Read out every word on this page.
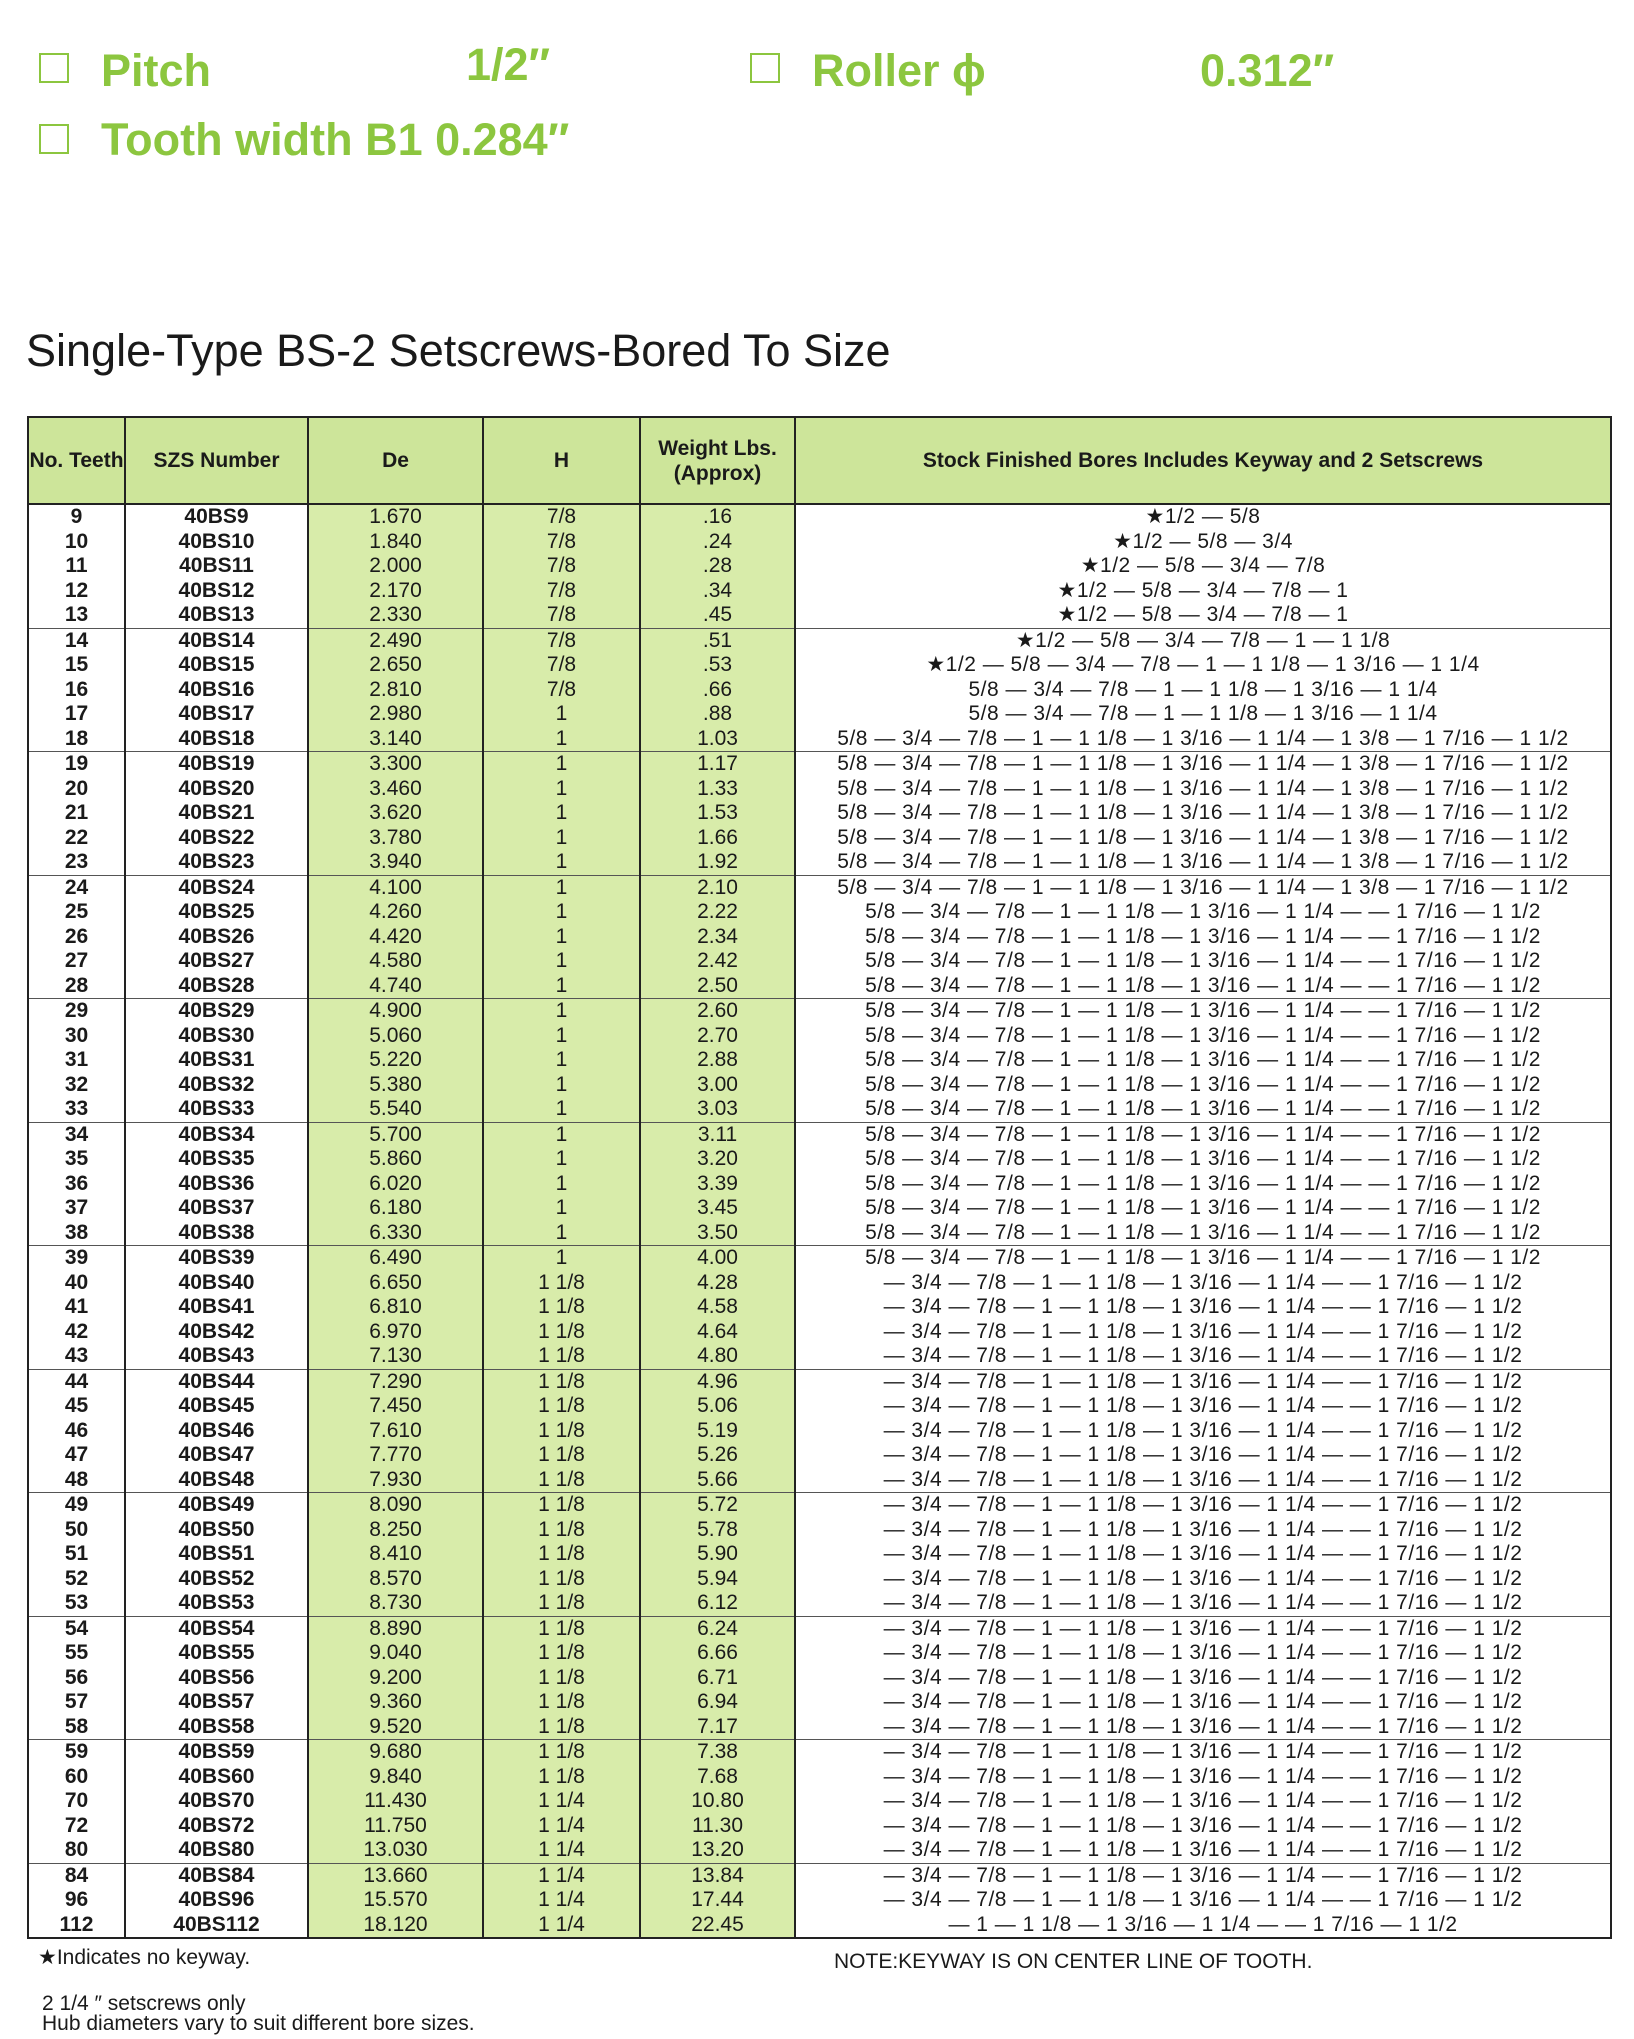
Pitch	1/2″	Roller ϕ	0.312″
Tooth width B1 0.284″
Single-Type BS-2 Setscrews-Bored To Size
No. Teeth	SZS Number	De	H	Weight Lbs. (Approx)	Stock Finished Bores Includes Keyway and 2 Setscrews
9	40BS9	1.670	7/8	.16	★1/2 — 5/8
10	40BS10	1.840	7/8	.24	★1/2 — 5/8 — 3/4
11	40BS11	2.000	7/8	.28	★1/2 — 5/8 — 3/4 — 7/8
12	40BS12	2.170	7/8	.34	★1/2 — 5/8 — 3/4 — 7/8 — 1
13	40BS13	2.330	7/8	.45	★1/2 — 5/8 — 3/4 — 7/8 — 1
14	40BS14	2.490	7/8	.51	★1/2 — 5/8 — 3/4 — 7/8 — 1 — 1 1/8
15	40BS15	2.650	7/8	.53	★1/2 — 5/8 — 3/4 — 7/8 — 1 — 1 1/8 — 1 3/16 — 1 1/4
16	40BS16	2.810	7/8	.66	5/8 — 3/4 — 7/8 — 1 — 1 1/8 — 1 3/16 — 1 1/4
17	40BS17	2.980	1	.88	5/8 — 3/4 — 7/8 — 1 — 1 1/8 — 1 3/16 — 1 1/4
18	40BS18	3.140	1	1.03	5/8 — 3/4 — 7/8 — 1 — 1 1/8 — 1 3/16 — 1 1/4 — 1 3/8 — 1 7/16 — 1 1/2
19	40BS19	3.300	1	1.17	5/8 — 3/4 — 7/8 — 1 — 1 1/8 — 1 3/16 — 1 1/4 — 1 3/8 — 1 7/16 — 1 1/2
20	40BS20	3.460	1	1.33	5/8 — 3/4 — 7/8 — 1 — 1 1/8 — 1 3/16 — 1 1/4 — 1 3/8 — 1 7/16 — 1 1/2
21	40BS21	3.620	1	1.53	5/8 — 3/4 — 7/8 — 1 — 1 1/8 — 1 3/16 — 1 1/4 — 1 3/8 — 1 7/16 — 1 1/2
22	40BS22	3.780	1	1.66	5/8 — 3/4 — 7/8 — 1 — 1 1/8 — 1 3/16 — 1 1/4 — 1 3/8 — 1 7/16 — 1 1/2
23	40BS23	3.940	1	1.92	5/8 — 3/4 — 7/8 — 1 — 1 1/8 — 1 3/16 — 1 1/4 — 1 3/8 — 1 7/16 — 1 1/2
24	40BS24	4.100	1	2.10	5/8 — 3/4 — 7/8 — 1 — 1 1/8 — 1 3/16 — 1 1/4 — 1 3/8 — 1 7/16 — 1 1/2
25	40BS25	4.260	1	2.22	5/8 — 3/4 — 7/8 — 1 — 1 1/8 — 1 3/16 — 1 1/4 — — 1 7/16 — 1 1/2
26	40BS26	4.420	1	2.34	5/8 — 3/4 — 7/8 — 1 — 1 1/8 — 1 3/16 — 1 1/4 — — 1 7/16 — 1 1/2
27	40BS27	4.580	1	2.42	5/8 — 3/4 — 7/8 — 1 — 1 1/8 — 1 3/16 — 1 1/4 — — 1 7/16 — 1 1/2
28	40BS28	4.740	1	2.50	5/8 — 3/4 — 7/8 — 1 — 1 1/8 — 1 3/16 — 1 1/4 — — 1 7/16 — 1 1/2
29	40BS29	4.900	1	2.60	5/8 — 3/4 — 7/8 — 1 — 1 1/8 — 1 3/16 — 1 1/4 — — 1 7/16 — 1 1/2
30	40BS30	5.060	1	2.70	5/8 — 3/4 — 7/8 — 1 — 1 1/8 — 1 3/16 — 1 1/4 — — 1 7/16 — 1 1/2
31	40BS31	5.220	1	2.88	5/8 — 3/4 — 7/8 — 1 — 1 1/8 — 1 3/16 — 1 1/4 — — 1 7/16 — 1 1/2
32	40BS32	5.380	1	3.00	5/8 — 3/4 — 7/8 — 1 — 1 1/8 — 1 3/16 — 1 1/4 — — 1 7/16 — 1 1/2
33	40BS33	5.540	1	3.03	5/8 — 3/4 — 7/8 — 1 — 1 1/8 — 1 3/16 — 1 1/4 — — 1 7/16 — 1 1/2
34	40BS34	5.700	1	3.11	5/8 — 3/4 — 7/8 — 1 — 1 1/8 — 1 3/16 — 1 1/4 — — 1 7/16 — 1 1/2
35	40BS35	5.860	1	3.20	5/8 — 3/4 — 7/8 — 1 — 1 1/8 — 1 3/16 — 1 1/4 — — 1 7/16 — 1 1/2
36	40BS36	6.020	1	3.39	5/8 — 3/4 — 7/8 — 1 — 1 1/8 — 1 3/16 — 1 1/4 — — 1 7/16 — 1 1/2
37	40BS37	6.180	1	3.45	5/8 — 3/4 — 7/8 — 1 — 1 1/8 — 1 3/16 — 1 1/4 — — 1 7/16 — 1 1/2
38	40BS38	6.330	1	3.50	5/8 — 3/4 — 7/8 — 1 — 1 1/8 — 1 3/16 — 1 1/4 — — 1 7/16 — 1 1/2
39	40BS39	6.490	1	4.00	5/8 — 3/4 — 7/8 — 1 — 1 1/8 — 1 3/16 — 1 1/4 — — 1 7/16 — 1 1/2
40	40BS40	6.650	1 1/8	4.28	— 3/4 — 7/8 — 1 — 1 1/8 — 1 3/16 — 1 1/4 — — 1 7/16 — 1 1/2
41	40BS41	6.810	1 1/8	4.58	— 3/4 — 7/8 — 1 — 1 1/8 — 1 3/16 — 1 1/4 — — 1 7/16 — 1 1/2
42	40BS42	6.970	1 1/8	4.64	— 3/4 — 7/8 — 1 — 1 1/8 — 1 3/16 — 1 1/4 — — 1 7/16 — 1 1/2
43	40BS43	7.130	1 1/8	4.80	— 3/4 — 7/8 — 1 — 1 1/8 — 1 3/16 — 1 1/4 — — 1 7/16 — 1 1/2
44	40BS44	7.290	1 1/8	4.96	— 3/4 — 7/8 — 1 — 1 1/8 — 1 3/16 — 1 1/4 — — 1 7/16 — 1 1/2
45	40BS45	7.450	1 1/8	5.06	— 3/4 — 7/8 — 1 — 1 1/8 — 1 3/16 — 1 1/4 — — 1 7/16 — 1 1/2
46	40BS46	7.610	1 1/8	5.19	— 3/4 — 7/8 — 1 — 1 1/8 — 1 3/16 — 1 1/4 — — 1 7/16 — 1 1/2
47	40BS47	7.770	1 1/8	5.26	— 3/4 — 7/8 — 1 — 1 1/8 — 1 3/16 — 1 1/4 — — 1 7/16 — 1 1/2
48	40BS48	7.930	1 1/8	5.66	— 3/4 — 7/8 — 1 — 1 1/8 — 1 3/16 — 1 1/4 — — 1 7/16 — 1 1/2
49	40BS49	8.090	1 1/8	5.72	— 3/4 — 7/8 — 1 — 1 1/8 — 1 3/16 — 1 1/4 — — 1 7/16 — 1 1/2
50	40BS50	8.250	1 1/8	5.78	— 3/4 — 7/8 — 1 — 1 1/8 — 1 3/16 — 1 1/4 — — 1 7/16 — 1 1/2
51	40BS51	8.410	1 1/8	5.90	— 3/4 — 7/8 — 1 — 1 1/8 — 1 3/16 — 1 1/4 — — 1 7/16 — 1 1/2
52	40BS52	8.570	1 1/8	5.94	— 3/4 — 7/8 — 1 — 1 1/8 — 1 3/16 — 1 1/4 — — 1 7/16 — 1 1/2
53	40BS53	8.730	1 1/8	6.12	— 3/4 — 7/8 — 1 — 1 1/8 — 1 3/16 — 1 1/4 — — 1 7/16 — 1 1/2
54	40BS54	8.890	1 1/8	6.24	— 3/4 — 7/8 — 1 — 1 1/8 — 1 3/16 — 1 1/4 — — 1 7/16 — 1 1/2
55	40BS55	9.040	1 1/8	6.66	— 3/4 — 7/8 — 1 — 1 1/8 — 1 3/16 — 1 1/4 — — 1 7/16 — 1 1/2
56	40BS56	9.200	1 1/8	6.71	— 3/4 — 7/8 — 1 — 1 1/8 — 1 3/16 — 1 1/4 — — 1 7/16 — 1 1/2
57	40BS57	9.360	1 1/8	6.94	— 3/4 — 7/8 — 1 — 1 1/8 — 1 3/16 — 1 1/4 — — 1 7/16 — 1 1/2
58	40BS58	9.520	1 1/8	7.17	— 3/4 — 7/8 — 1 — 1 1/8 — 1 3/16 — 1 1/4 — — 1 7/16 — 1 1/2
59	40BS59	9.680	1 1/8	7.38	— 3/4 — 7/8 — 1 — 1 1/8 — 1 3/16 — 1 1/4 — — 1 7/16 — 1 1/2
60	40BS60	9.840	1 1/8	7.68	— 3/4 — 7/8 — 1 — 1 1/8 — 1 3/16 — 1 1/4 — — 1 7/16 — 1 1/2
70	40BS70	11.430	1 1/4	10.80	— 3/4 — 7/8 — 1 — 1 1/8 — 1 3/16 — 1 1/4 — — 1 7/16 — 1 1/2
72	40BS72	11.750	1 1/4	11.30	— 3/4 — 7/8 — 1 — 1 1/8 — 1 3/16 — 1 1/4 — — 1 7/16 — 1 1/2
80	40BS80	13.030	1 1/4	13.20	— 3/4 — 7/8 — 1 — 1 1/8 — 1 3/16 — 1 1/4 — — 1 7/16 — 1 1/2
84	40BS84	13.660	1 1/4	13.84	— 3/4 — 7/8 — 1 — 1 1/8 — 1 3/16 — 1 1/4 — — 1 7/16 — 1 1/2
96	40BS96	15.570	1 1/4	17.44	— 3/4 — 7/8 — 1 — 1 1/8 — 1 3/16 — 1 1/4 — — 1 7/16 — 1 1/2
112	40BS112	18.120	1 1/4	22.45	— 1 — 1 1/8 — 1 3/16 — 1 1/4 — — 1 7/16 — 1 1/2
★Indicates no keyway.	NOTE:KEYWAY IS ON CENTER LINE OF TOOTH.
2 1/4 ″ setscrews only
Hub diameters vary to suit different bore sizes.
